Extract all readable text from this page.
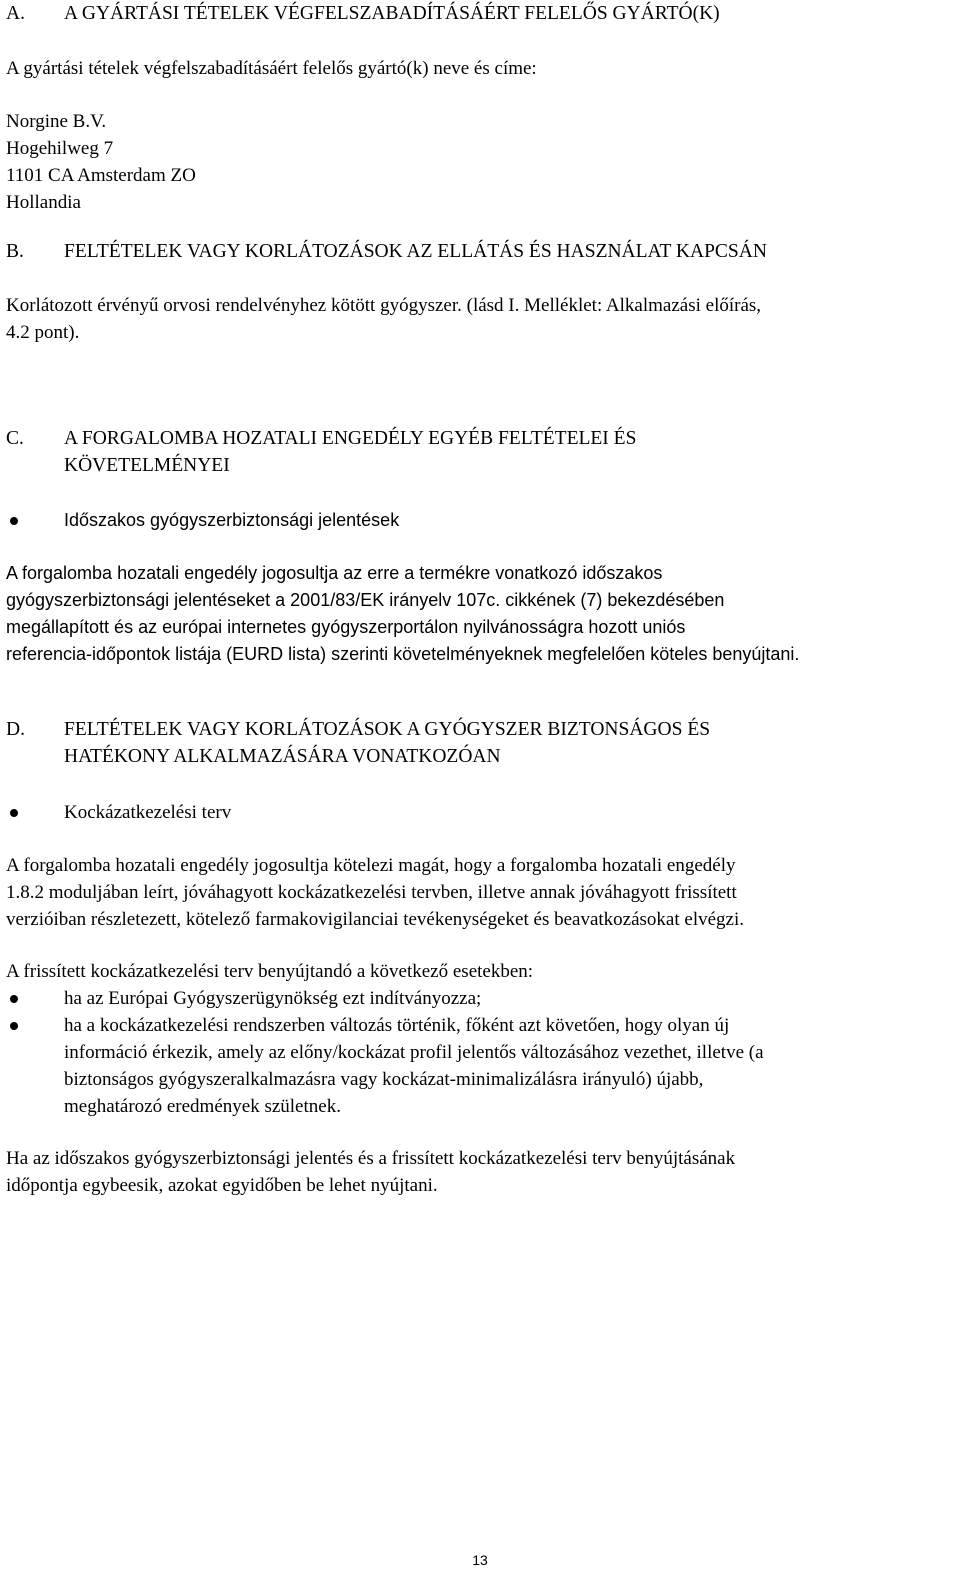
A. A GYÁRTÁSI TÉTELEK VÉGFELSZABADÍTÁSÁÉRT FELELŐS GYÁRTÓ(K)
A gyártási tételek végfelszabadításáért felelős gyártó(k) neve és címe:
Norgine B.V.
Hogehilweg 7
1101 CA Amsterdam ZO
Hollandia
B. FELTÉTELEK VAGY KORLÁTOZÁSOK AZ ELLÁTÁS ÉS HASZNÁLAT KAPCSÁN
Korlátozott érvényű orvosi rendelvényhez kötött gyógyszer. (lásd I. Melléklet: Alkalmazási előírás,
4.2 pont).
C. A FORGALOMBA HOZATALI ENGEDÉLY EGYÉB FELTÉTELEI ÉS
KÖVETELMÉNYEI
Időszakos gyógyszerbiztonsági jelentések
A forgalomba hozatali engedély jogosultja az erre a termékre vonatkozó időszakos
gyógyszerbiztonsági jelentéseket a 2001/83/EK irányelv 107c. cikkének (7) bekezdésében
megállapított és az európai internetes gyógyszerportálon nyilvánosságra hozott uniós
referencia-időpontok listája (EURD lista) szerinti követelményeknek megfelelően köteles benyújtani.
D. FELTÉTELEK VAGY KORLÁTOZÁSOK A GYÓGYSZER BIZTONSÁGOS ÉS
HATÉKONY ALKALMAZÁSÁRA VONATKOZÓAN
Kockázatkezelési terv
A forgalomba hozatali engedély jogosultja kötelezi magát, hogy a forgalomba hozatali engedély
1.8.2 moduljában leírt, jóváhagyott kockázatkezelési tervben, illetve annak jóváhagyott frissített
verzióiban részletezett, kötelező farmakovigilanciai tevékenységeket és beavatkozásokat elvégzi.
A frissített kockázatkezelési terv benyújtandó a következő esetekben:
ha az Európai Gyógyszerügynökség ezt indítványozza;
ha a kockázatkezelési rendszerben változás történik, főként azt követően, hogy olyan új
információ érkezik, amely az előny/kockázat profil jelentős változásához vezethet, illetve (a
biztonságos gyógyszeralkalmazásra vagy kockázat-minimalizálásra irányuló) újabb,
meghatározó eredmények születnek.
Ha az időszakos gyógyszerbiztonsági jelentés és a frissített kockázatkezelési terv benyújtásának
időpontja egybeesik, azokat egyidőben be lehet nyújtani.
13
